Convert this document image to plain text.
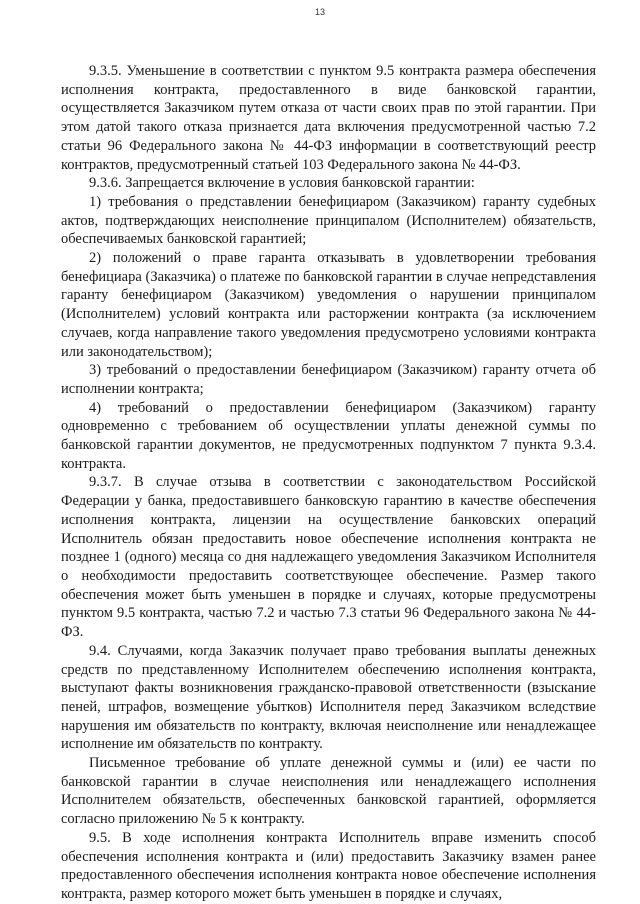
13

9.3.5. Уменьшение в соответствии с пунктом 9.5 контракта размера обеспечения исполнения контракта, предоставленного в виде банковской гарантии, осуществляется Заказчиком путем отказа от части своих прав по этой гарантии. При этом датой такого отказа признается дата включения предусмотренной частью 7.2 статьи 96 Федерального закона № 44-ФЗ информации в соответствующий реестр контрактов, предусмотренный статьей 103 Федерального закона № 44-ФЗ.

9.3.6. Запрещается включение в условия банковской гарантии:

1) требования о представлении бенефициаром (Заказчиком) гаранту судебных актов, подтверждающих неисполнение принципалом (Исполнителем) обязательств, обеспечиваемых банковской гарантией;

2) положений о праве гаранта отказывать в удовлетворении требования бенефициара (Заказчика) о платеже по банковской гарантии в случае непредставления гаранту бенефициаром (Заказчиком) уведомления о нарушении принципалом (Исполнителем) условий контракта или расторжении контракта (за исключением случаев, когда направление такого уведомления предусмотрено условиями контракта или законодательством);

3) требований о предоставлении бенефициаром (Заказчиком) гаранту отчета об исполнении контракта;

4) требований о предоставлении бенефициаром (Заказчиком) гаранту одновременно с требованием об осуществлении уплаты денежной суммы по банковской гарантии документов, не предусмотренных подпунктом 7 пункта 9.3.4. контракта.

9.3.7. В случае отзыва в соответствии с законодательством Российской Федерации у банка, предоставившего банковскую гарантию в качестве обеспечения исполнения контракта, лицензии на осуществление банковских операций Исполнитель обязан предоставить новое обеспечение исполнения контракта не позднее 1 (одного) месяца со дня надлежащего уведомления Заказчиком Исполнителя о необходимости предоставить соответствующее обеспечение. Размер такого обеспечения может быть уменьшен в порядке и случаях, которые предусмотрены пунктом 9.5 контракта, частью 7.2 и частью 7.3 статьи 96 Федерального закона № 44-ФЗ.

9.4. Случаями, когда Заказчик получает право требования выплаты денежных средств по представленному Исполнителем обеспечению исполнения контракта, выступают факты возникновения гражданско-правовой ответственности (взыскание пеней, штрафов, возмещение убытков) Исполнителя перед Заказчиком вследствие нарушения им обязательств по контракту, включая неисполнение или ненадлежащее исполнение им обязательств по контракту.

Письменное требование об уплате денежной суммы и (или) ее части по банковской гарантии в случае неисполнения или ненадлежащего исполнения Исполнителем обязательств, обеспеченных банковской гарантией, оформляется согласно приложению № 5 к контракту.

9.5. В ходе исполнения контракта Исполнитель вправе изменить способ обеспечения исполнения контракта и (или) предоставить Заказчику взамен ранее предоставленного обеспечения исполнения контракта новое обеспечение исполнения контракта, размер которого может быть уменьшен в порядке и случаях,
